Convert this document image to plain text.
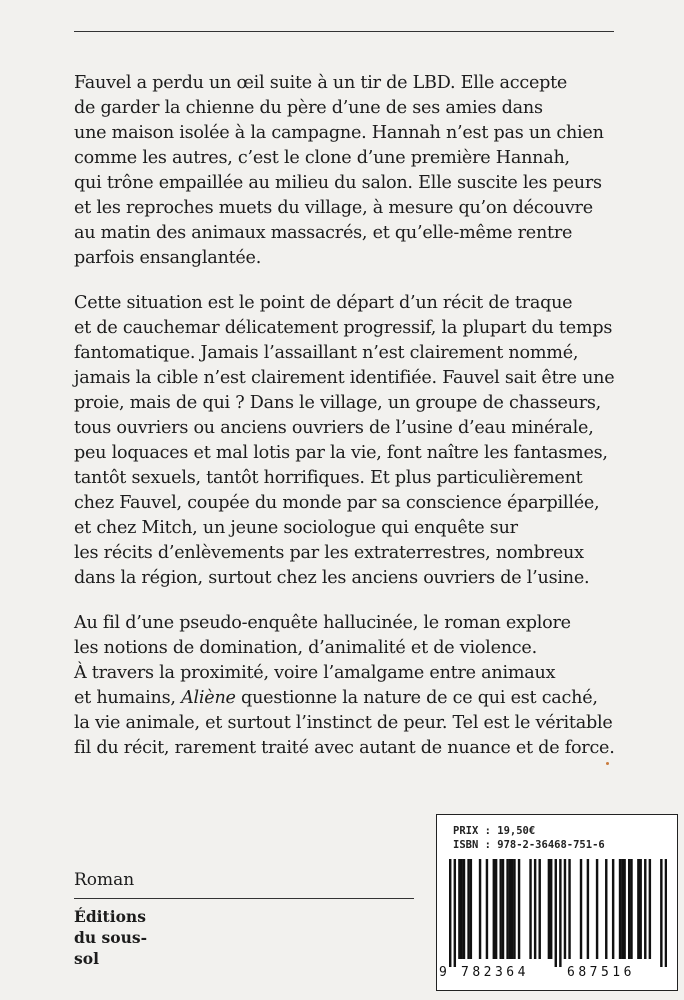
Fauvel a perdu un œil suite à un tir de LBD. Elle accepte
de garder la chienne du père d’une de ses amies dans
une maison isolée à la campagne. Hannah n’est pas un chien
comme les autres, c’est le clone d’une première Hannah,
qui trône empaillée au milieu du salon. Elle suscite les peurs
et les reproches muets du village, à mesure qu’on découvre
au matin des animaux massacrés, et qu’elle-même rentre
parfois ensanglantée.

Cette situation est le point de départ d’un récit de traque
et de cauchemar délicatement progressif, la plupart du temps
fantomatique. Jamais l’assaillant n’est clairement nommé,
jamais la cible n’est clairement identifiée. Fauvel sait être une
proie, mais de qui ? Dans le village, un groupe de chasseurs,
tous ouvriers ou anciens ouvriers de l’usine d’eau minérale,
peu loquaces et mal lotis par la vie, font naître les fantasmes,
tantôt sexuels, tantôt horrifiques. Et plus particulièrement
chez Fauvel, coupée du monde par sa conscience éparpillée,
et chez Mitch, un jeune sociologue qui enquête sur
les récits d’enlèvements par les extraterrestres, nombreux
dans la région, surtout chez les anciens ouvriers de l’usine.

Au fil d’une pseudo-enquête hallucinée, le roman explore
les notions de domination, d’animalité et de violence.
À travers la proximité, voire l’amalgame entre animaux
et humains, Aliène questionne la nature de ce qui est caché,
la vie animale, et surtout l’instinct de peur. Tel est le véritable
fil du récit, rarement traité avec autant de nuance et de force.

Roman
Éditions
du sous-
sol
PRIX : 19,50€
ISBN : 978-2-36468-751-6
9 782364	687516
